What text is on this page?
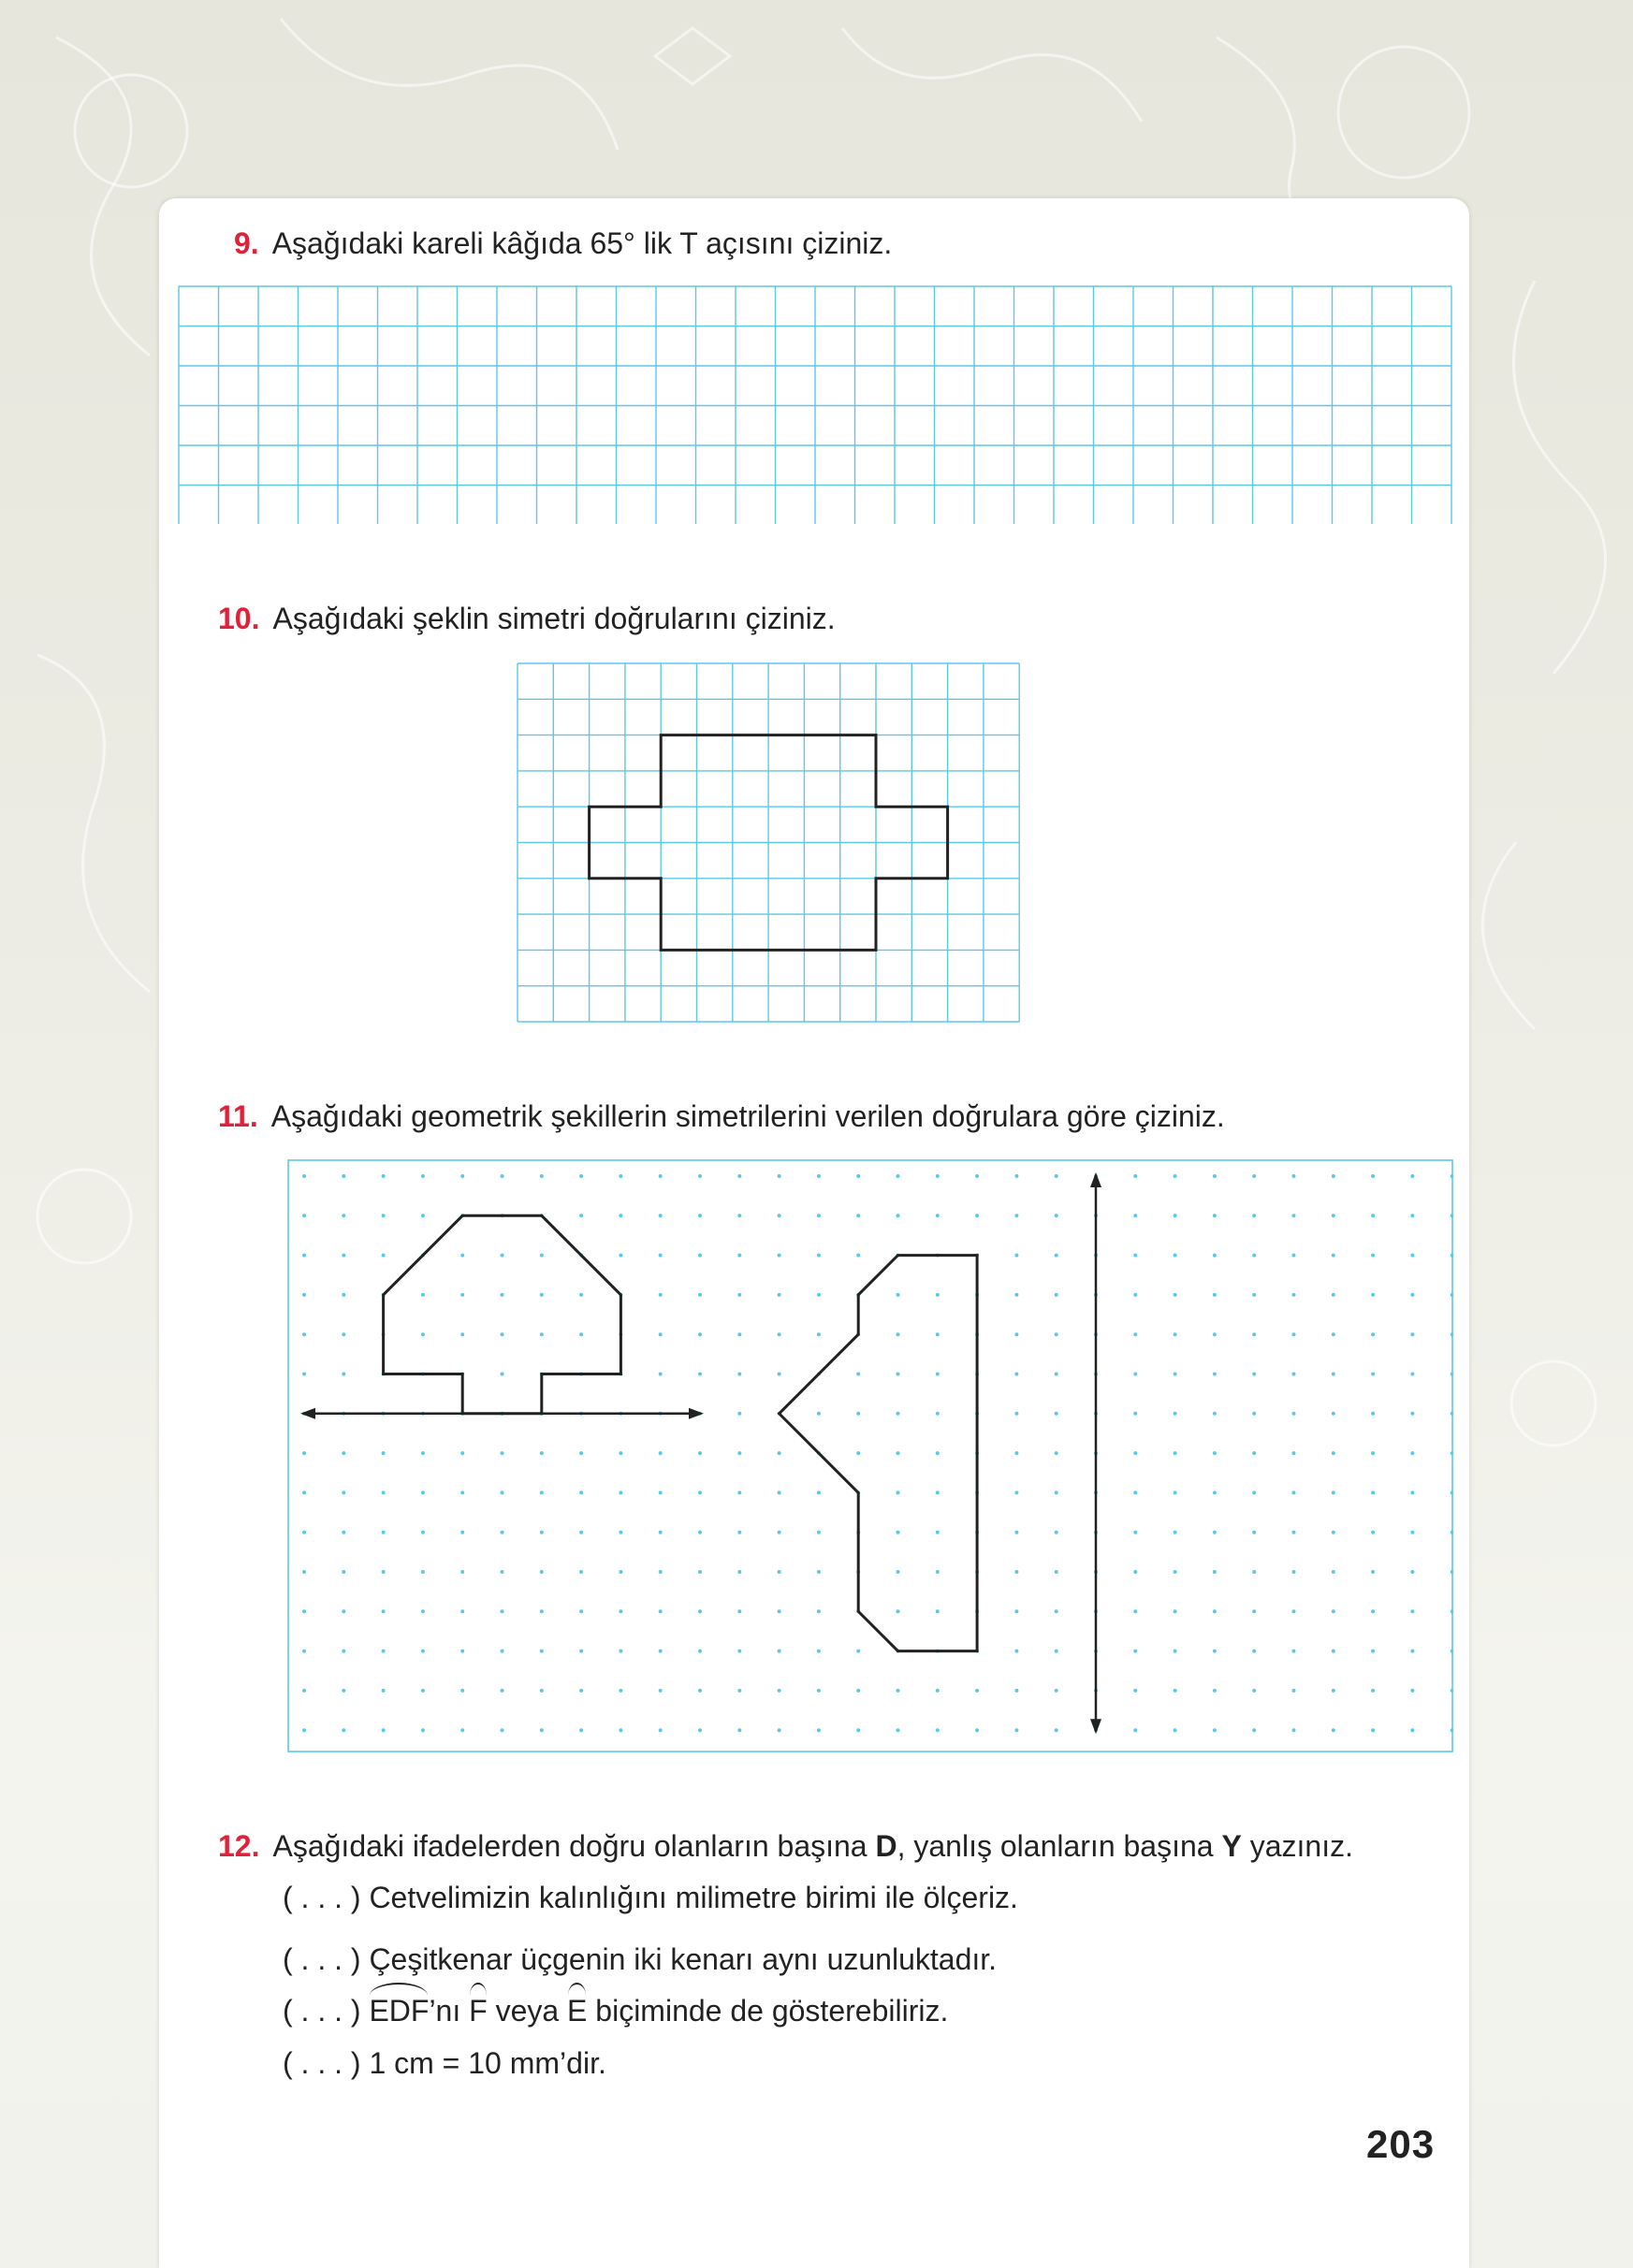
9. Aşağıdaki kareli kâğıda 65° lik T açısını çiziniz.
10. Aşağıdaki şeklin simetri doğrularını çiziniz.
11. Aşağıdaki geometrik şekillerin simetrilerini verilen doğrulara göre çiziniz.
12. Aşağıdaki ifadelerden doğru olanların başına D, yanlış olanların başına Y yazınız.
( . . . ) Cetvelimizin kalınlığını milimetre birimi ile ölçeriz.
( . . . ) Çeşitkenar üçgenin iki kenarı aynı uzunluktadır.
( . . . ) EDF’nı F veya E biçiminde de gösterebiliriz.
( . . . ) 1 cm = 10 mm’dir.
203
